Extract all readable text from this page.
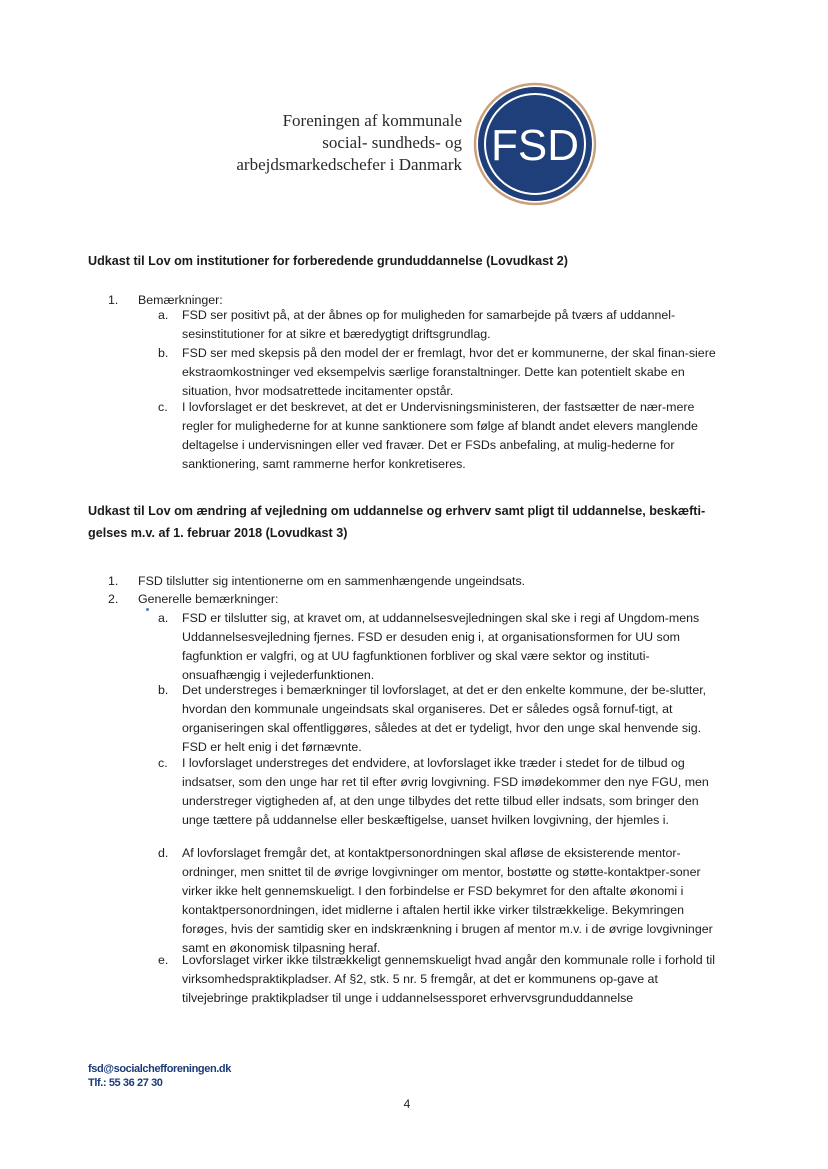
Foreningen af kommunale
social- sundheds- og
arbejdsmarkedschefer i Danmark FSD
Udkast til Lov om institutioner for forberedende grunduddannelse (Lovudkast 2)
1. Bemærkninger:
a. FSD ser positivt på, at der åbnes op for muligheden for samarbejde på tværs af uddannel-sesinstitutioner for at sikre et bæredygtigt driftsgrundlag.
b. FSD ser med skepsis på den model der er fremlagt, hvor det er kommunerne, der skal finan-siere ekstraomkostninger ved eksempelvis særlige foranstaltninger. Dette kan potentielt skabe en situation, hvor modsatrettede incitamenter opstår.
c. I lovforslaget er det beskrevet, at det er Undervisningsministeren, der fastsætter de nær-mere regler for mulighederne for at kunne sanktionere som følge af blandt andet elevers manglende deltagelse i undervisningen eller ved fravær. Det er FSDs anbefaling, at mulig-hederne for sanktionering, samt rammerne herfor konkretiseres.
Udkast til Lov om ændring af vejledning om uddannelse og erhverv samt pligt til uddannelse, beskæfti-
gelses m.v. af 1. februar 2018 (Lovudkast 3)
1. FSD tilslutter sig intentionerne om en sammenhængende ungeindsats.
2. Generelle bemærkninger:
a. FSD er tilslutter sig, at kravet om, at uddannelsesvejledningen skal ske i regi af Ungdom-mens Uddannelsesvejledning fjernes. FSD er desuden enig i, at organisationsformen for UU som fagfunktion er valgfri, og at UU fagfunktionen forbliver og skal være sektor og instituti-onsuafhængig i vejlederfunktionen.
b. Det understreges i bemærkninger til lovforslaget, at det er den enkelte kommune, der be-slutter, hvordan den kommunale ungeindsats skal organiseres. Det er således også fornuf-tigt, at organiseringen skal offentliggøres, således at det er tydeligt, hvor den unge skal henvende sig. FSD er helt enig i det førnævnte.
c. I lovforslaget understreges det endvidere, at lovforslaget ikke træder i stedet for de tilbud og indsatser, som den unge har ret til efter øvrig lovgivning. FSD imødekommer den nye FGU, men understreger vigtigheden af, at den unge tilbydes det rette tilbud eller indsats, som bringer den unge tættere på uddannelse eller beskæftigelse, uanset hvilken lovgivning, der hjemles i.
d. Af lovforslaget fremgår det, at kontaktpersonordningen skal afløse de eksisterende mentor-ordninger, men snittet til de øvrige lovgivninger om mentor, bostøtte og støtte-kontaktper-soner virker ikke helt gennemskueligt. I den forbindelse er FSD bekymret for den aftalte økonomi i kontaktpersonordningen, idet midlerne i aftalen hertil ikke virker tilstrækkelige. Bekymringen forøges, hvis der samtidig sker en indskrænkning i brugen af mentor m.v. i de øvrige lovgivninger samt en økonomisk tilpasning heraf.
e. Lovforslaget virker ikke tilstrækkeligt gennemskueligt hvad angår den kommunale rolle i forhold til virksomhedspraktikpladser. Af §2, stk. 5 nr. 5 fremgår, at det er kommunens op-gave at tilvejebringe praktikpladser til unge i uddannelsessporet erhvervsgrunduddannelse
fsd@socialchefforeningen.dk
Tlf.: 55 36 27 30
4
